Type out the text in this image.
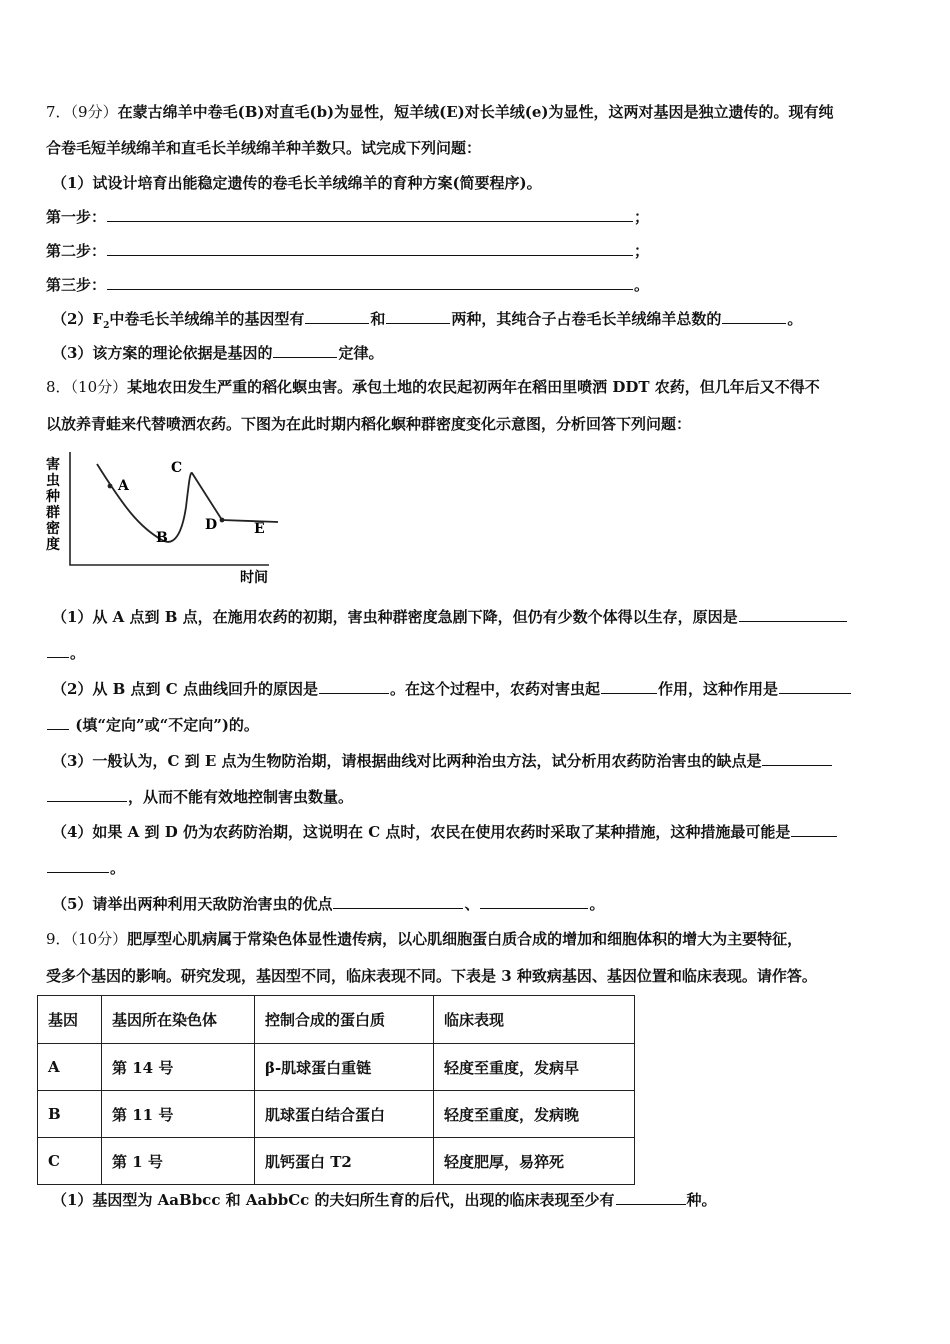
7．（9分）在蒙古绵羊中卷毛(B)对直毛(b)为显性，短羊绒(E)对长羊绒(e)为显性，这两对基因是独立遗传的。现有纯
合卷毛短羊绒绵羊和直毛长羊绒绵羊种羊数只。试完成下列问题：
（1）试设计培育出能稳定遗传的卷毛长羊绒绵羊的育种方案(简要程序)。
第一步：	；
第二步：	；
第三步：	。
$(2)F_2$中卷毛长羊绒绵羊的基因型有	和	两种，其纯合子占卷毛长羊绒绵羊总数的	。
（3）该方案的理论依据是基因的	定律。
8．（10分）某地农田发生严重的稻化螟虫害。承包土地的农民起初两年在稻田里喷洒 DDT 农药，但几年后又不得不
以放养青蛙来代替喷洒农药。下图为在此时期内稻化螟种群密度变化示意图，分析回答下列问题：
害
虫
种
群
密
度
A
B
C
D	E
时间
（1）从 A 点到 B 点，在施用农药的初期，害虫种群密度急剧下降，但仍有少数个体得以生存，原因是
。
（2）从 B 点到 C 点曲线回升的原因是	。在这个过程中，农药对害虫起	作用，这种作用是
(填“定向”或“不定向”)的。
（3）一般认为，C 到 E 点为生物防治期，请根据曲线对比两种治虫方法，试分析用农药防治害虫的缺点是
，从而不能有效地控制害虫数量。
（4）如果 A 到 D 仍为农药防治期，这说明在 C 点时，农民在使用农药时采取了某种措施，这种措施最可能是
。
（5）请举出两种利用天敌防治害虫的优点	、	。
9．（10分）肥厚型心肌病属于常染色体显性遗传病，以心肌细胞蛋白质合成的增加和细胞体积的增大为主要特征，
受多个基因的影响。研究发现，基因型不同，临床表现不同。下表是 3 种致病基因、基因位置和临床表现。请作答。
基因	基因所在染色体	控制合成的蛋白质	临床表现
A	第 14 号	β-肌球蛋白重链	轻度至重度，发病早
B	第 11 号	肌球蛋白结合蛋白	轻度至重度，发病晚
C	第 1 号	肌钙蛋白 T2	轻度肥厚，易猝死
（1）基因型为 AaBbcc 和 AabbCc 的夫妇所生育的后代，出现的临床表现至少有	种。
